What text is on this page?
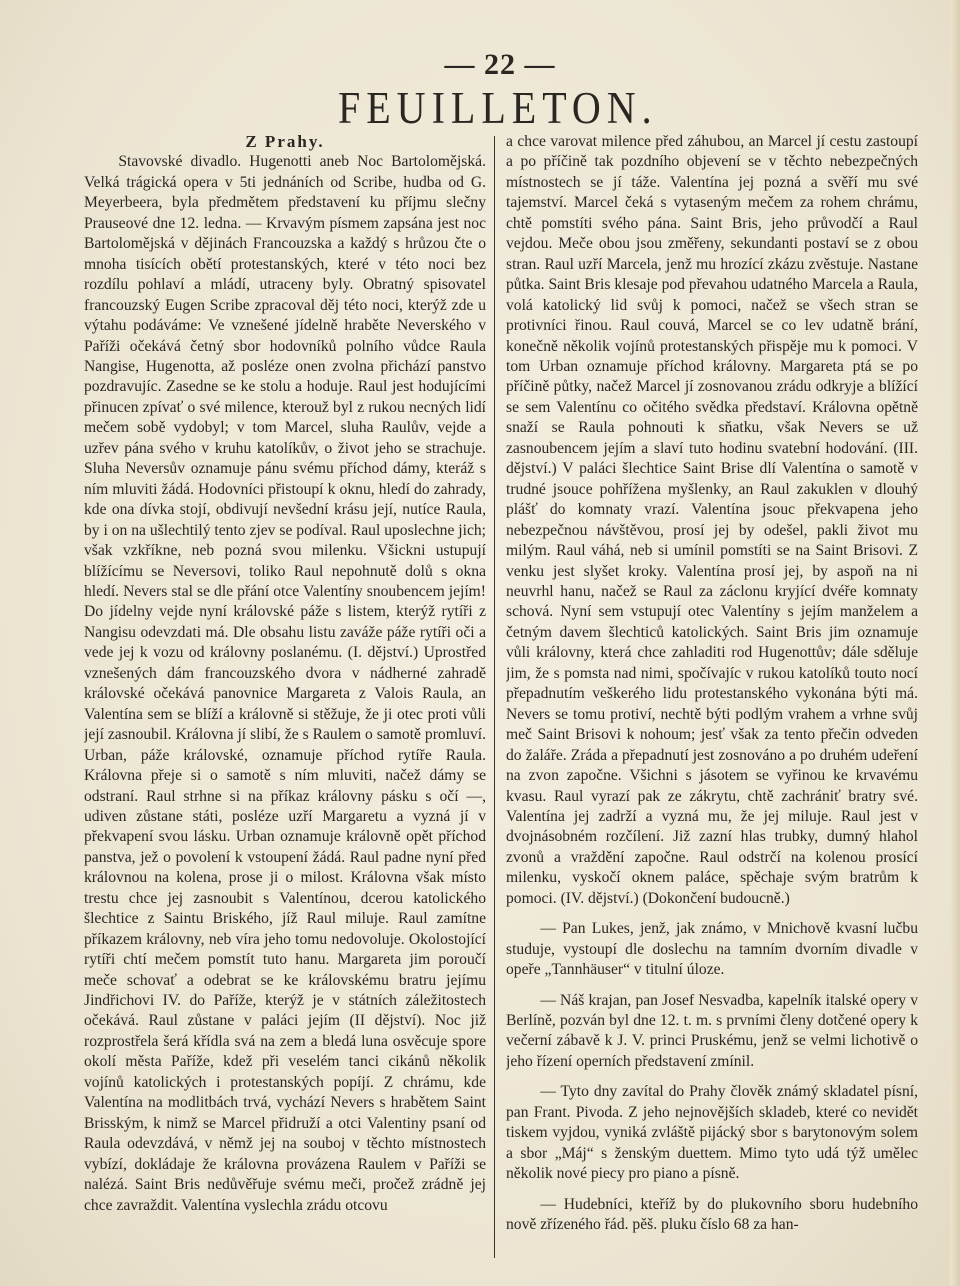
— 22 —
FEUILLETON.

Z Prahy.

Stavovské divadlo. Hugenotti aneb Noc Bartolomějská. Velká trágická opera v 5ti jednáních od Scribe, hudba od G. Meyerbeera, byla předmětem představení ku příjmu slečny Prauseové dne 12. ledna. — Krvavým písmem zapsána jest noc Bartolomějská v dějinách Francouzska a každý s hrůzou čte o mnoha tisících obětí protestanských, které v této noci bez rozdílu pohlaví a mládí, utraceny byly. Obratný spisovatel francouzský Eugen Scribe zpracoval děj této noci, kterýž zde u výtahu podáváme: Ve vznešené jídelně hraběte Neverského v Paříži očekává četný sbor hodovníků polního vůdce Raula Nangise, Hugenotta, až posléze onen zvolna přichází panstvo pozdravujíc. Zasedne se ke stolu a hoduje. Raul jest hodujícími přinucen zpívať o své milence, kterouž byl z rukou necných lidí mečem sobě vydobyl; v tom Marcel, sluha Raulův, vejde a uzřev pána svého v kruhu katolíkův, o život jeho se strachuje. Sluha Neversův oznamuje pánu svému příchod dámy, kteráž s ním mluviti žádá. Hodovníci přistoupí k oknu, hledí do zahrady, kde ona dívka stojí, obdivují nevšední krásu její, nutíce Raula, by i on na ušlechtilý tento zjev se podíval. Raul uposlechne jich; však vzkříkne, neb pozná svou milenku. Všickni ustupují blížícímu se Neversovi, toliko Raul nepohnutě dolů s okna hledí. Nevers stal se dle přání otce Valentíny snoubencem jejím! Do jídelny vejde nyní královské páže s listem, kterýž rytíři z Nangisu odevzdati má. Dle obsahu listu zaváže páže rytíři oči a vede jej k vozu od královny poslanému. (I. dějství.) Uprostřed vznešených dám francouzského dvora v nádherné zahradě královské očekává panovnice Margareta z Valois Raula, an Valentína sem se blíží a královně si stěžuje, že ji otec proti vůli její zasnoubil. Královna jí slibí, že s Raulem o samotě promluví. Urban, páže královské, oznamuje příchod rytíře Raula. Královna přeje si o samotě s ním mluviti, načež dámy se odstraní. Raul strhne si na příkaz královny pásku s očí —, udiven zůstane státi, posléze uzří Margaretu a vyzná jí v překvapení svou lásku. Urban oznamuje královně opět příchod panstva, jež o povolení k vstoupení žádá. Raul padne nyní před královnou na kolena, prose ji o milost. Královna však místo trestu chce jej zasnoubit s Valentínou, dcerou katolického šlechtice z Saintu Briského, jíž Raul miluje. Raul zamítne příkazem královny, neb víra jeho tomu nedovoluje. Okolostojící rytíři chtí mečem pomstít tuto hanu. Margareta jim poroučí meče schovať a odebrat se ke královskému bratru jejímu Jindřichovi IV. do Paříže, kterýž je v státních záležitostech očekává. Raul zůstane v paláci jejím (II dějství). Noc již rozprostřela šerá křídla svá na zem a bledá luna osvěcuje spore okolí města Paříže, kdež při veselém tanci cikánů několik vojínů katolických i protestanských popíjí. Z chrámu, kde Valentína na modlitbách trvá, vychází Nevers s hrabětem Saint Brisským, k nimž se Marcel přidruží a otci Valentiny psaní od Raula odevzdává, v němž jej na souboj v těchto místnostech vybízí, dokládaje že královna provázena Raulem v Paříži se nalézá. Saint Bris nedůvěřuje svému meči, pročež zrádně jej chce zavraždit. Valentína vyslechla zrádu otcovu

a chce varovat milence před záhubou, an Marcel jí cestu zastoupí a po příčině tak pozdního objevení se v těchto nebezpečných místnostech se jí táže. Valentína jej pozná a svěří mu své tajemství. Marcel čeká s vytaseným mečem za rohem chrámu, chtě pomstíti svého pána. Saint Bris, jeho průvodčí a Raul vejdou. Meče obou jsou změřeny, sekundanti postaví se z obou stran. Raul uzří Marcela, jenž mu hrozící zkázu zvěstuje. Nastane půtka. Saint Bris klesaje pod převahou udatného Marcela a Raula, volá katolický lid svůj k pomoci, načež se všech stran se protivníci řinou. Raul couvá, Marcel se co lev udatně brání, konečně několik vojínů protestanských přispěje mu k pomoci. V tom Urban oznamuje příchod královny. Margareta ptá se po příčině půtky, načež Marcel jí zosnovanou zrádu odkryje a blížící se sem Valentínu co očitého svědka představí. Královna opětně snaží se Raula pohnouti k sňatku, však Nevers se už zasnoubencem jejím a slaví tuto hodinu svatební hodování. (III. dějství.) V paláci šlechtice Saint Brise dlí Valentína o samotě v trudné jsouce pohřížena myšlenky, an Raul zakuklen v dlouhý plášť do komnaty vrazí. Valentína jsouc překvapena jeho nebezpečnou návštěvou, prosí jej by odešel, pakli život mu milým. Raul váhá, neb si umínil pomstíti se na Saint Brisovi. Z venku jest slyšet kroky. Valentína prosí jej, by aspoň na ni neuvrhl hanu, načež se Raul za záclonu kryjící dvéře komnaty schová. Nyní sem vstupují otec Valentíny s jejím manželem a četným davem šlechticů katolických. Saint Bris jim oznamuje vůli královny, která chce zahladiti rod Hugenottův; dále sděluje jim, že s pomsta nad nimi, spočívajíc v rukou katolíků touto nocí přepadnutím veškerého lidu protestanského vykonána býti má. Nevers se tomu protiví, nechtě býti podlým vrahem a vrhne svůj meč Saint Brisovi k nohoum; jesť však za tento přečin odveden do žaláře. Zráda a přepadnutí jest zosnováno a po druhém udeření na zvon započne. Všichni s jásotem se vyřinou ke krvavému kvasu. Raul vyrazí pak ze zákrytu, chtě zachrániť bratry své. Valentína jej zadrží a vyzná mu, že jej miluje. Raul jest v dvojnásobném rozčílení. Již zazní hlas trubky, dumný hlahol zvonů a vraždění započne. Raul odstrčí na kolenou prosící milenku, vyskočí oknem paláce, spěchaje svým bratrům k pomoci. (IV. dějství.) (Dokončení budoucně.)

— Pan Lukes, jenž, jak známo, v Mnichově kvasní lučbu studuje, vystoupí dle doslechu na tamním dvorním divadle v opeře „Tannhäuser“ v titulní úloze.

— Náš krajan, pan Josef Nesvadba, kapelník italské opery v Berlíně, pozván byl dne 12. t. m. s prvními členy dotčené opery k večerní zábavě k J. V. princi Pruskému, jenž se velmi lichotivě o jeho řízení operních představení zmínil.

— Tyto dny zavítal do Prahy člověk známý skladatel písní, pan Frant. Pivoda. Z jeho nejnovějších skladeb, které co nevidět tiskem vyjdou, vyniká zvláště pijácký sbor s barytonovým solem a sbor „Máj“ s ženským duettem. Mimo tyto udá týž umělec několik nové piecy pro piano a písně.

— Hudebníci, kteříž by do plukovního sboru hudebního nově zřízeného řád. pěš. pluku číslo 68 za han-
